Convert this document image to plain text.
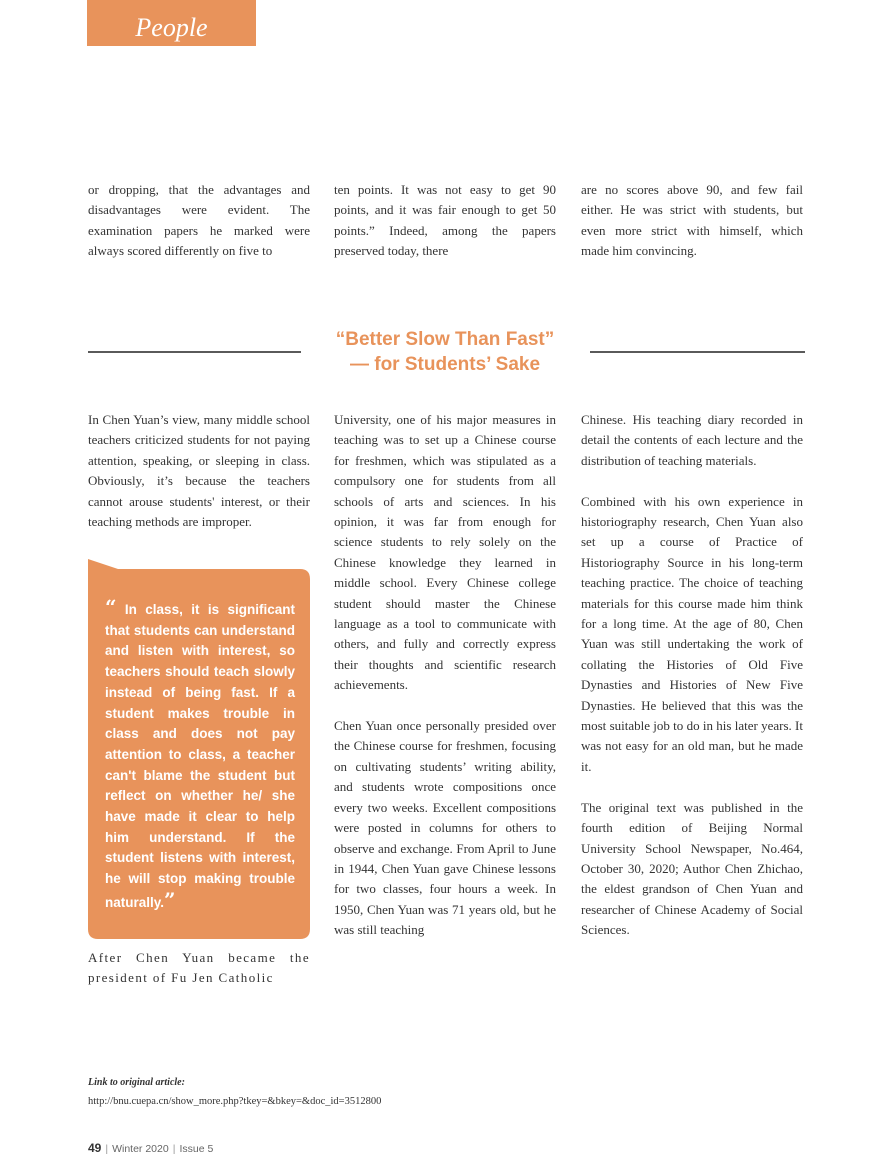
People

or dropping, that the advantages and disadvantages were evident. The examination papers he marked were always scored differently on five to

ten points. It was not easy to get 90 points, and it was fair enough to get 50 points.” Indeed, among the papers preserved today, there

are no scores above 90, and few fail either. He was strict with students, but even more strict with himself, which made him convincing.

“Better Slow Than Fast”
— for Students’ Sake

In Chen Yuan’s view, many middle school teachers criticized students for not paying attention, speaking, or sleeping in class. Obviously, it’s because the teachers cannot arouse students' interest, or their teaching methods are improper.

“ In class, it is significant that students can understand and listen with interest, so teachers should teach slowly instead of being fast. If a student makes trouble in class and does not pay attention to class, a teacher can't blame the student but reflect on whether he/ she have made it clear to help him understand. If the student listens with interest, he will stop making trouble naturally.”

After Chen Yuan became the president of Fu Jen Catholic

University, one of his major measures in teaching was to set up a Chinese course for freshmen, which was stipulated as a compulsory one for students from all schools of arts and sciences. In his opinion, it was far from enough for science students to rely solely on the Chinese knowledge they learned in middle school. Every Chinese college student should master the Chinese language as a tool to communicate with others, and fully and correctly express their thoughts and scientific research achievements.

Chen Yuan once personally presided over the Chinese course for freshmen, focusing on cultivating students’ writing ability, and students wrote compositions once every two weeks. Excellent compositions were posted in columns for others to observe and exchange. From April to June in 1944, Chen Yuan gave Chinese lessons for two classes, four hours a week. In 1950, Chen Yuan was 71 years old, but he was still teaching

Chinese. His teaching diary recorded in detail the contents of each lecture and the distribution of teaching materials.

Combined with his own experience in historiography research, Chen Yuan also set up a course of Practice of Historiography Source in his long-term teaching practice. The choice of teaching materials for this course made him think for a long time. At the age of 80, Chen Yuan was still undertaking the work of collating the Histories of Old Five Dynasties and Histories of New Five Dynasties. He believed that this was the most suitable job to do in his later years. It was not easy for an old man, but he made it.

The original text was published in the fourth edition of Beijing Normal University School Newspaper, No.464, October 30, 2020; Author Chen Zhichao, the eldest grandson of Chen Yuan and researcher of Chinese Academy of Social Sciences.

Link to original article:
http://bnu.cuepa.cn/show_more.php?tkey=&bkey=&doc_id=3512800
49 | Winter 2020 | Issue 5
